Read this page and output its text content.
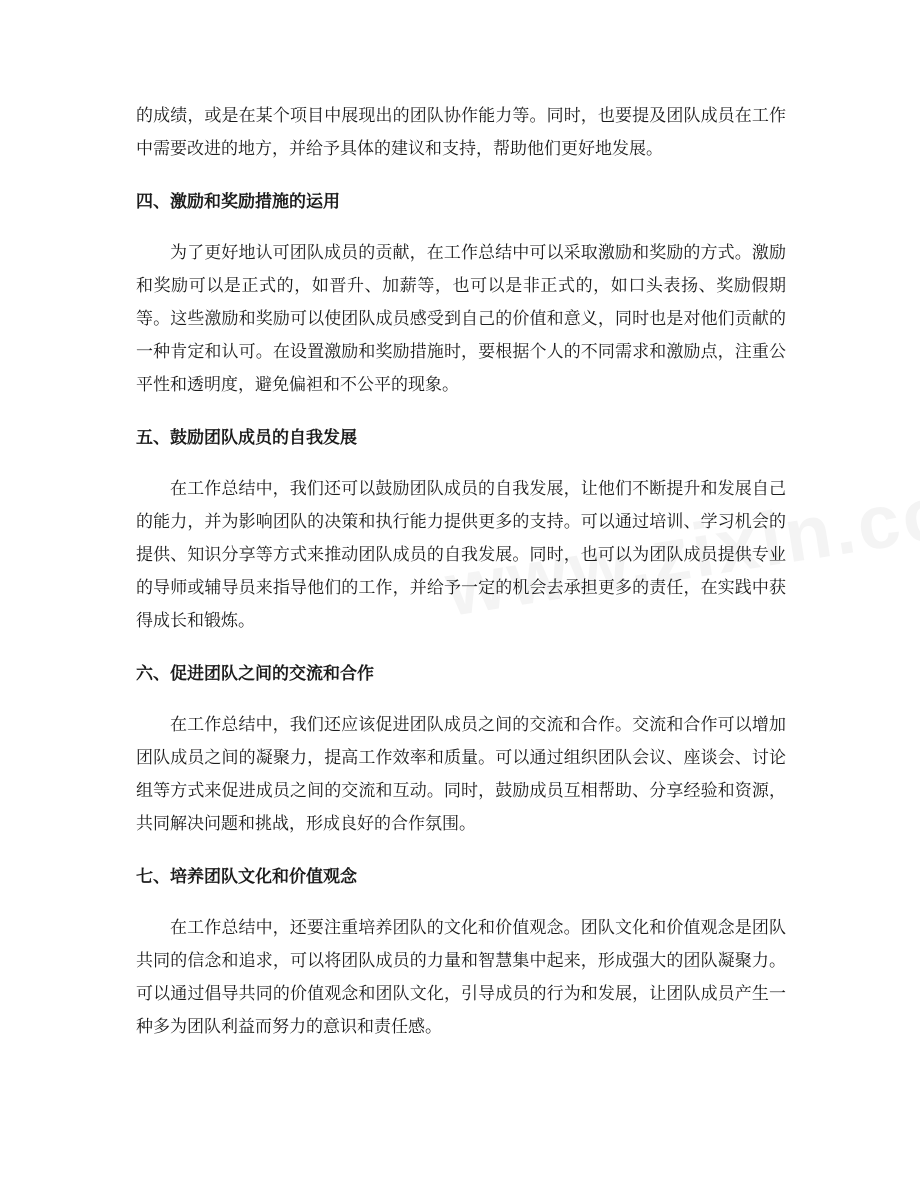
的成绩，或是在某个项目中展现出的团队协作能力等。同时，也要提及团队成员在工作中需要改进的地方，并给予具体的建议和支持，帮助他们更好地发展。

四、激励和奖励措施的运用

为了更好地认可团队成员的贡献，在工作总结中可以采取激励和奖励的方式。激励和奖励可以是正式的，如晋升、加薪等，也可以是非正式的，如口头表扬、奖励假期等。这些激励和奖励可以使团队成员感受到自己的价值和意义，同时也是对他们贡献的一种肯定和认可。在设置激励和奖励措施时，要根据个人的不同需求和激励点，注重公平性和透明度，避免偏袒和不公平的现象。

五、鼓励团队成员的自我发展

在工作总结中，我们还可以鼓励团队成员的自我发展，让他们不断提升和发展自己的能力，并为影响团队的决策和执行能力提供更多的支持。可以通过培训、学习机会的提供、知识分享等方式来推动团队成员的自我发展。同时，也可以为团队成员提供专业的导师或辅导员来指导他们的工作，并给予一定的机会去承担更多的责任，在实践中获得成长和锻炼。

六、促进团队之间的交流和合作

在工作总结中，我们还应该促进团队成员之间的交流和合作。交流和合作可以增加团队成员之间的凝聚力，提高工作效率和质量。可以通过组织团队会议、座谈会、讨论组等方式来促进成员之间的交流和互动。同时，鼓励成员互相帮助、分享经验和资源，共同解决问题和挑战，形成良好的合作氛围。

七、培养团队文化和价值观念

在工作总结中，还要注重培养团队的文化和价值观念。团队文化和价值观念是团队共同的信念和追求，可以将团队成员的力量和智慧集中起来，形成强大的团队凝聚力。可以通过倡导共同的价值观念和团队文化，引导成员的行为和发展，让团队成员产生一种多为团队利益而努力的意识和责任感。
